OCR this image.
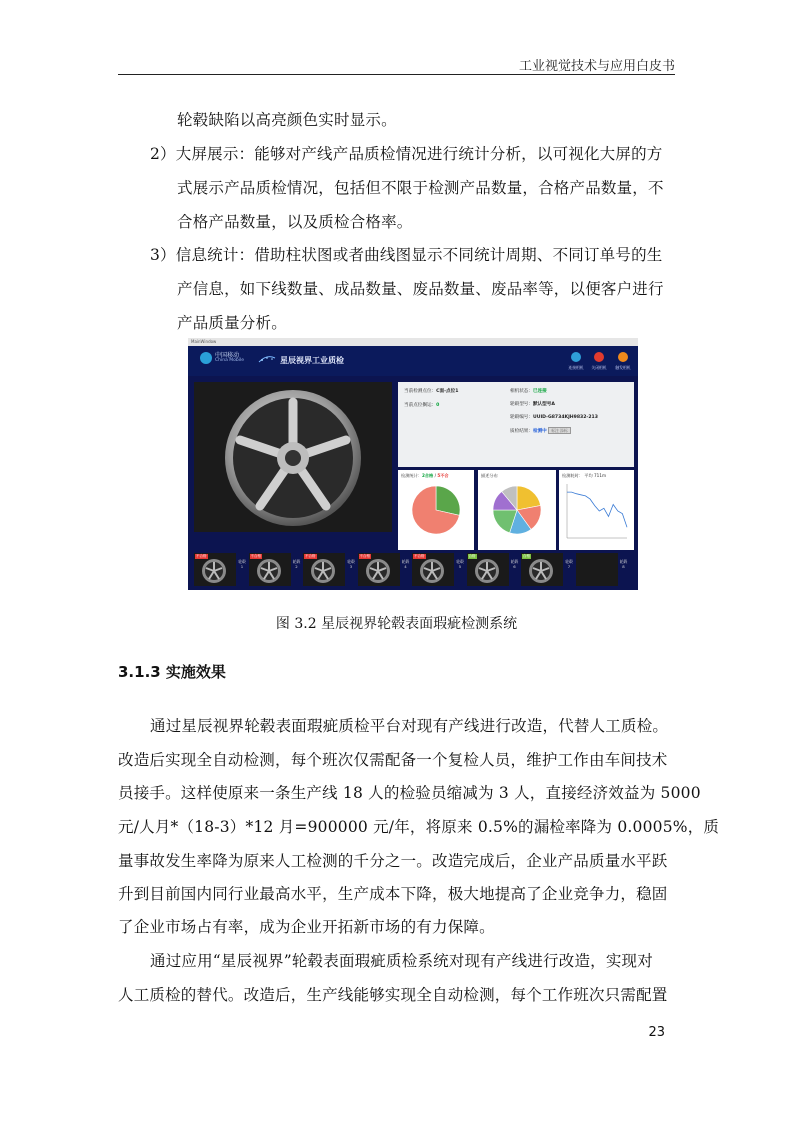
工业视觉技术与应用白皮书
轮毂缺陷以高亮颜色实时显示。
2）大屏展示：能够对产线产品质检情况进行统计分析，以可视化大屏的方
式展示产品质检情况，包括但不限于检测产品数量，合格产品数量，不
合格产品数量，以及质检合格率。
3）信息统计：借助柱状图或者曲线图显示不同统计周期、不同订单号的生
产信息，如下线数量、成品数量、废品数量、废品率等，以便客户进行
产品质量分析。
MainWindow
中国移动
China Mobile	星辰视界工业质检
连接相机	关闭相机	触发相机
当前检测点位：C面-点位1
当前点位搁运：0
相机状态：已连接
轮毂型号：默认型号A
轮毂编号：UUID-G8734KJH9832-213
质检结果：检测中 标注 添标
检测统计：2合格 / 5不合	描述分布	检测耗时： 平均 711m
不合格
轮毂1
不合格
轮毂2
不合格
轮毂3
不合格
轮毂4
不合格
轮毂5
合格
轮毂6
合格
轮毂7
轮毂8
图 3.2 星辰视界轮毂表面瑕疵检测系统
3.1.3 实施效果
通过星辰视界轮毂表面瑕疵质检平台对现有产线进行改造，代替人工质检。
改造后实现全自动检测，每个班次仅需配备一个复检人员，维护工作由车间技术
员接手。这样使原来一条生产线 18 人的检验员缩减为 3 人，直接经济效益为 5000
元/人月*（18-3）*12 月=900000 元/年，将原来 0.5%的漏检率降为 0.0005%，质
量事故发生率降为原来人工检测的千分之一。改造完成后，企业产品质量水平跃
升到目前国内同行业最高水平，生产成本下降，极大地提高了企业竞争力，稳固
了企业市场占有率，成为企业开拓新市场的有力保障。
通过应用“星辰视界”轮毂表面瑕疵质检系统对现有产线进行改造，实现对
人工质检的替代。改造后，生产线能够实现全自动检测，每个工作班次只需配置
23
